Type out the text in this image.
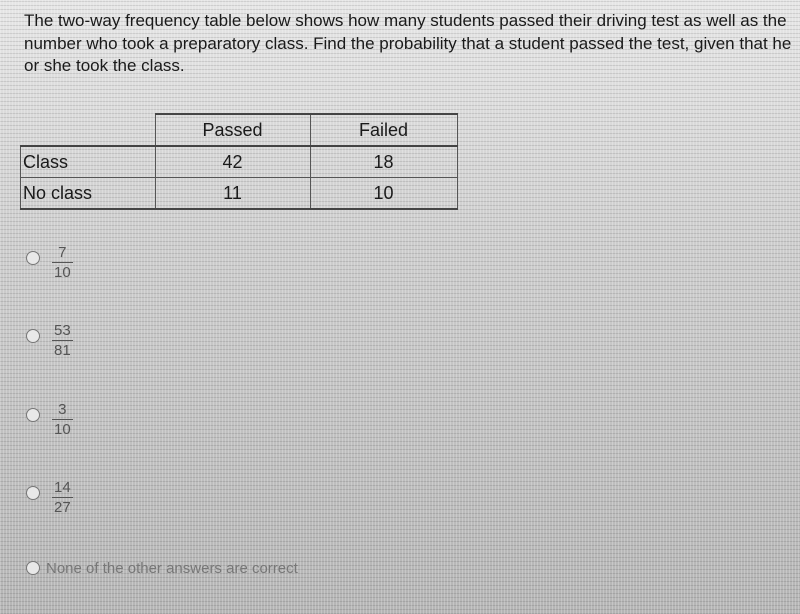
The two-way frequency table below shows how many students passed their driving test as well as the number who took a preparatory class. Find the probability that a student passed the test, given that he or she took the class.

	Passed	Failed
Class	42	18
No class	11	10
$\frac{7}{10}$
$\frac{53}{81}$
$\frac{3}{10}$
$\frac{14}{27}$
None of the other answers are correct
